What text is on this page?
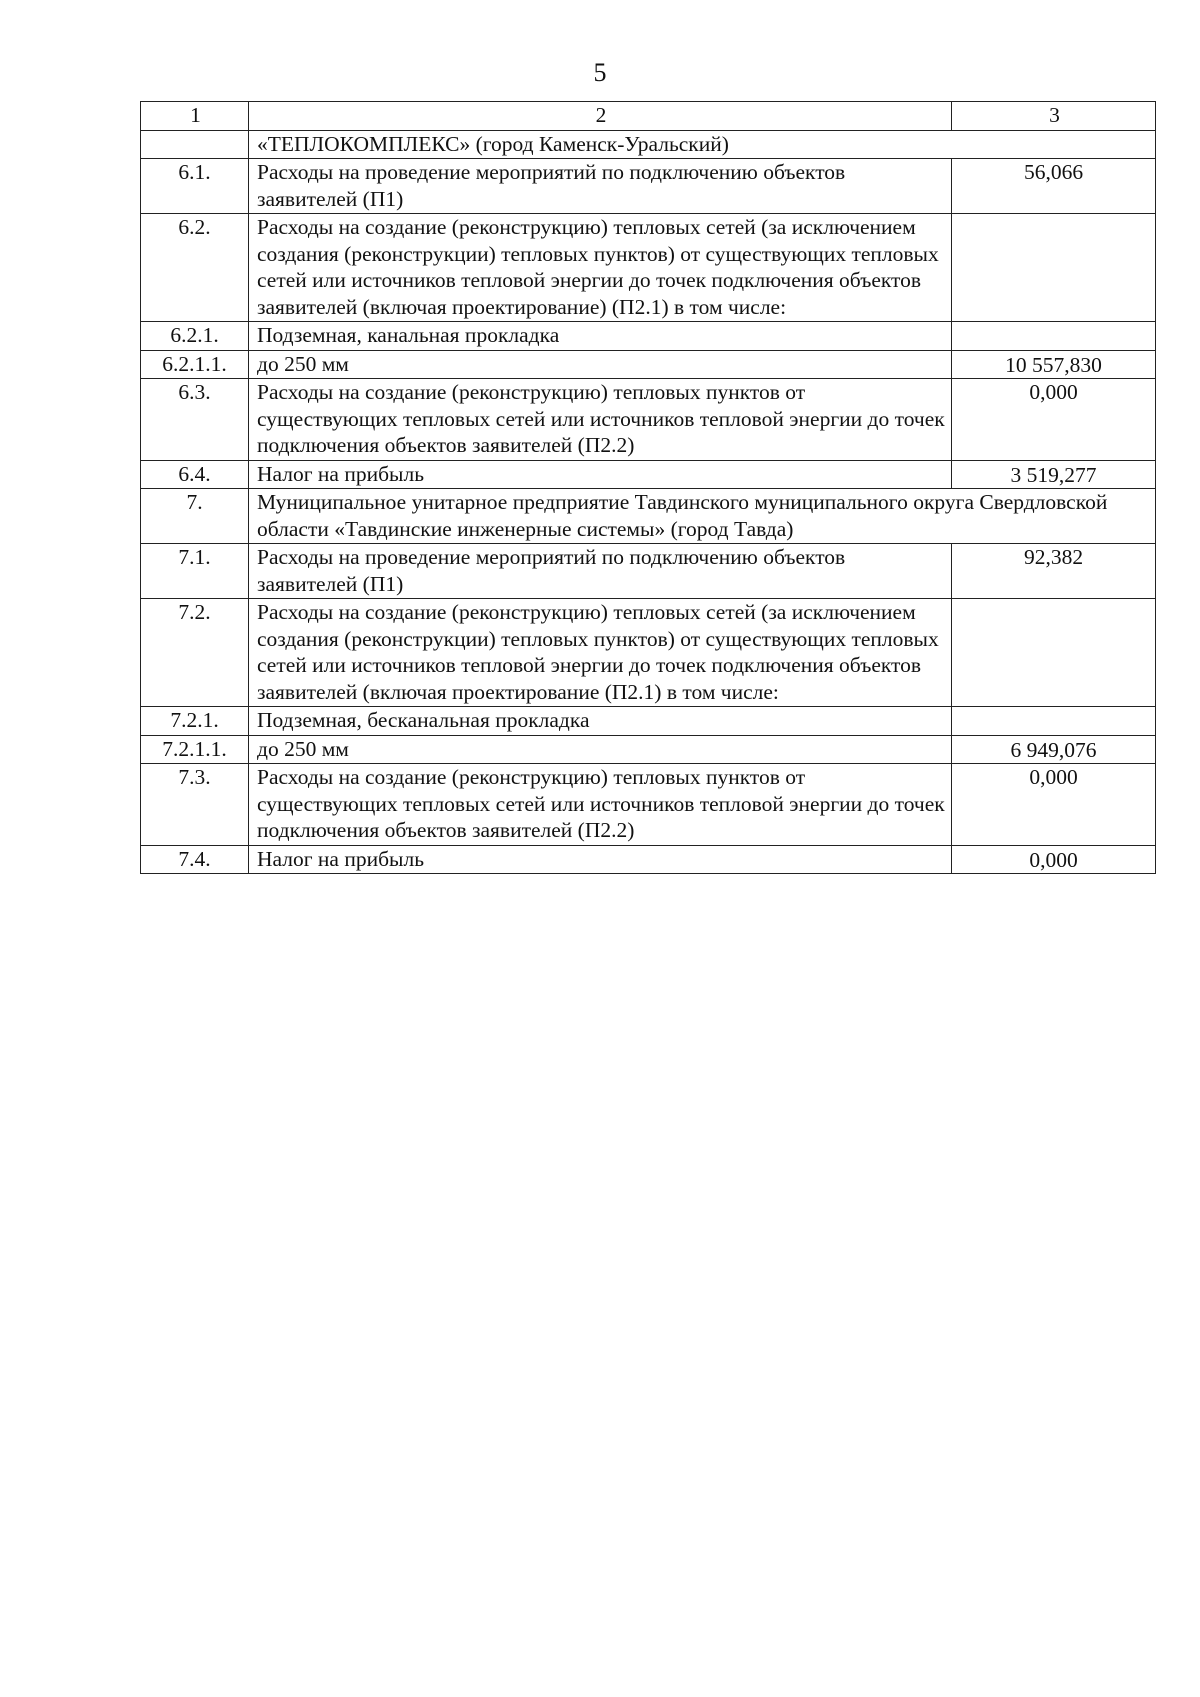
5
1	2	3
	«ТЕПЛОКОМПЛЕКС» (город Каменск-Уральский)	
6.1.	Расходы на проведение мероприятий по подключению объектов заявителей (П1)	56,066
6.2.	Расходы на создание (реконструкцию) тепловых сетей (за исключением создания (реконструкции) тепловых пунктов) от существующих тепловых сетей или источников тепловой энергии до точек подключения объектов заявителей (включая проектирование) (П2.1) в том числе:	
6.2.1.	Подземная, канальная прокладка	
6.2.1.1.	до 250 мм	10 557,830
6.3.	Расходы на создание (реконструкцию) тепловых пунктов от существующих тепловых сетей или источников тепловой энергии до точек подключения объектов заявителей (П2.2)	0,000
6.4.	Налог на прибыль	3 519,277
7.	Муниципальное унитарное предприятие Тавдинского муниципального округа Свердловской области «Тавдинские инженерные системы» (город Тавда)	
7.1.	Расходы на проведение мероприятий по подключению объектов заявителей (П1)	92,382
7.2.	Расходы на создание (реконструкцию) тепловых сетей (за исключением создания (реконструкции) тепловых пунктов) от существующих тепловых сетей или источников тепловой энергии до точек подключения объектов заявителей (включая проектирование (П2.1) в том числе:	
7.2.1.	Подземная, бесканальная прокладка	
7.2.1.1.	до 250 мм	6 949,076
7.3.	Расходы на создание (реконструкцию) тепловых пунктов от существующих тепловых сетей или источников тепловой энергии до точек подключения объектов заявителей (П2.2)	0,000
7.4.	Налог на прибыль	0,000
